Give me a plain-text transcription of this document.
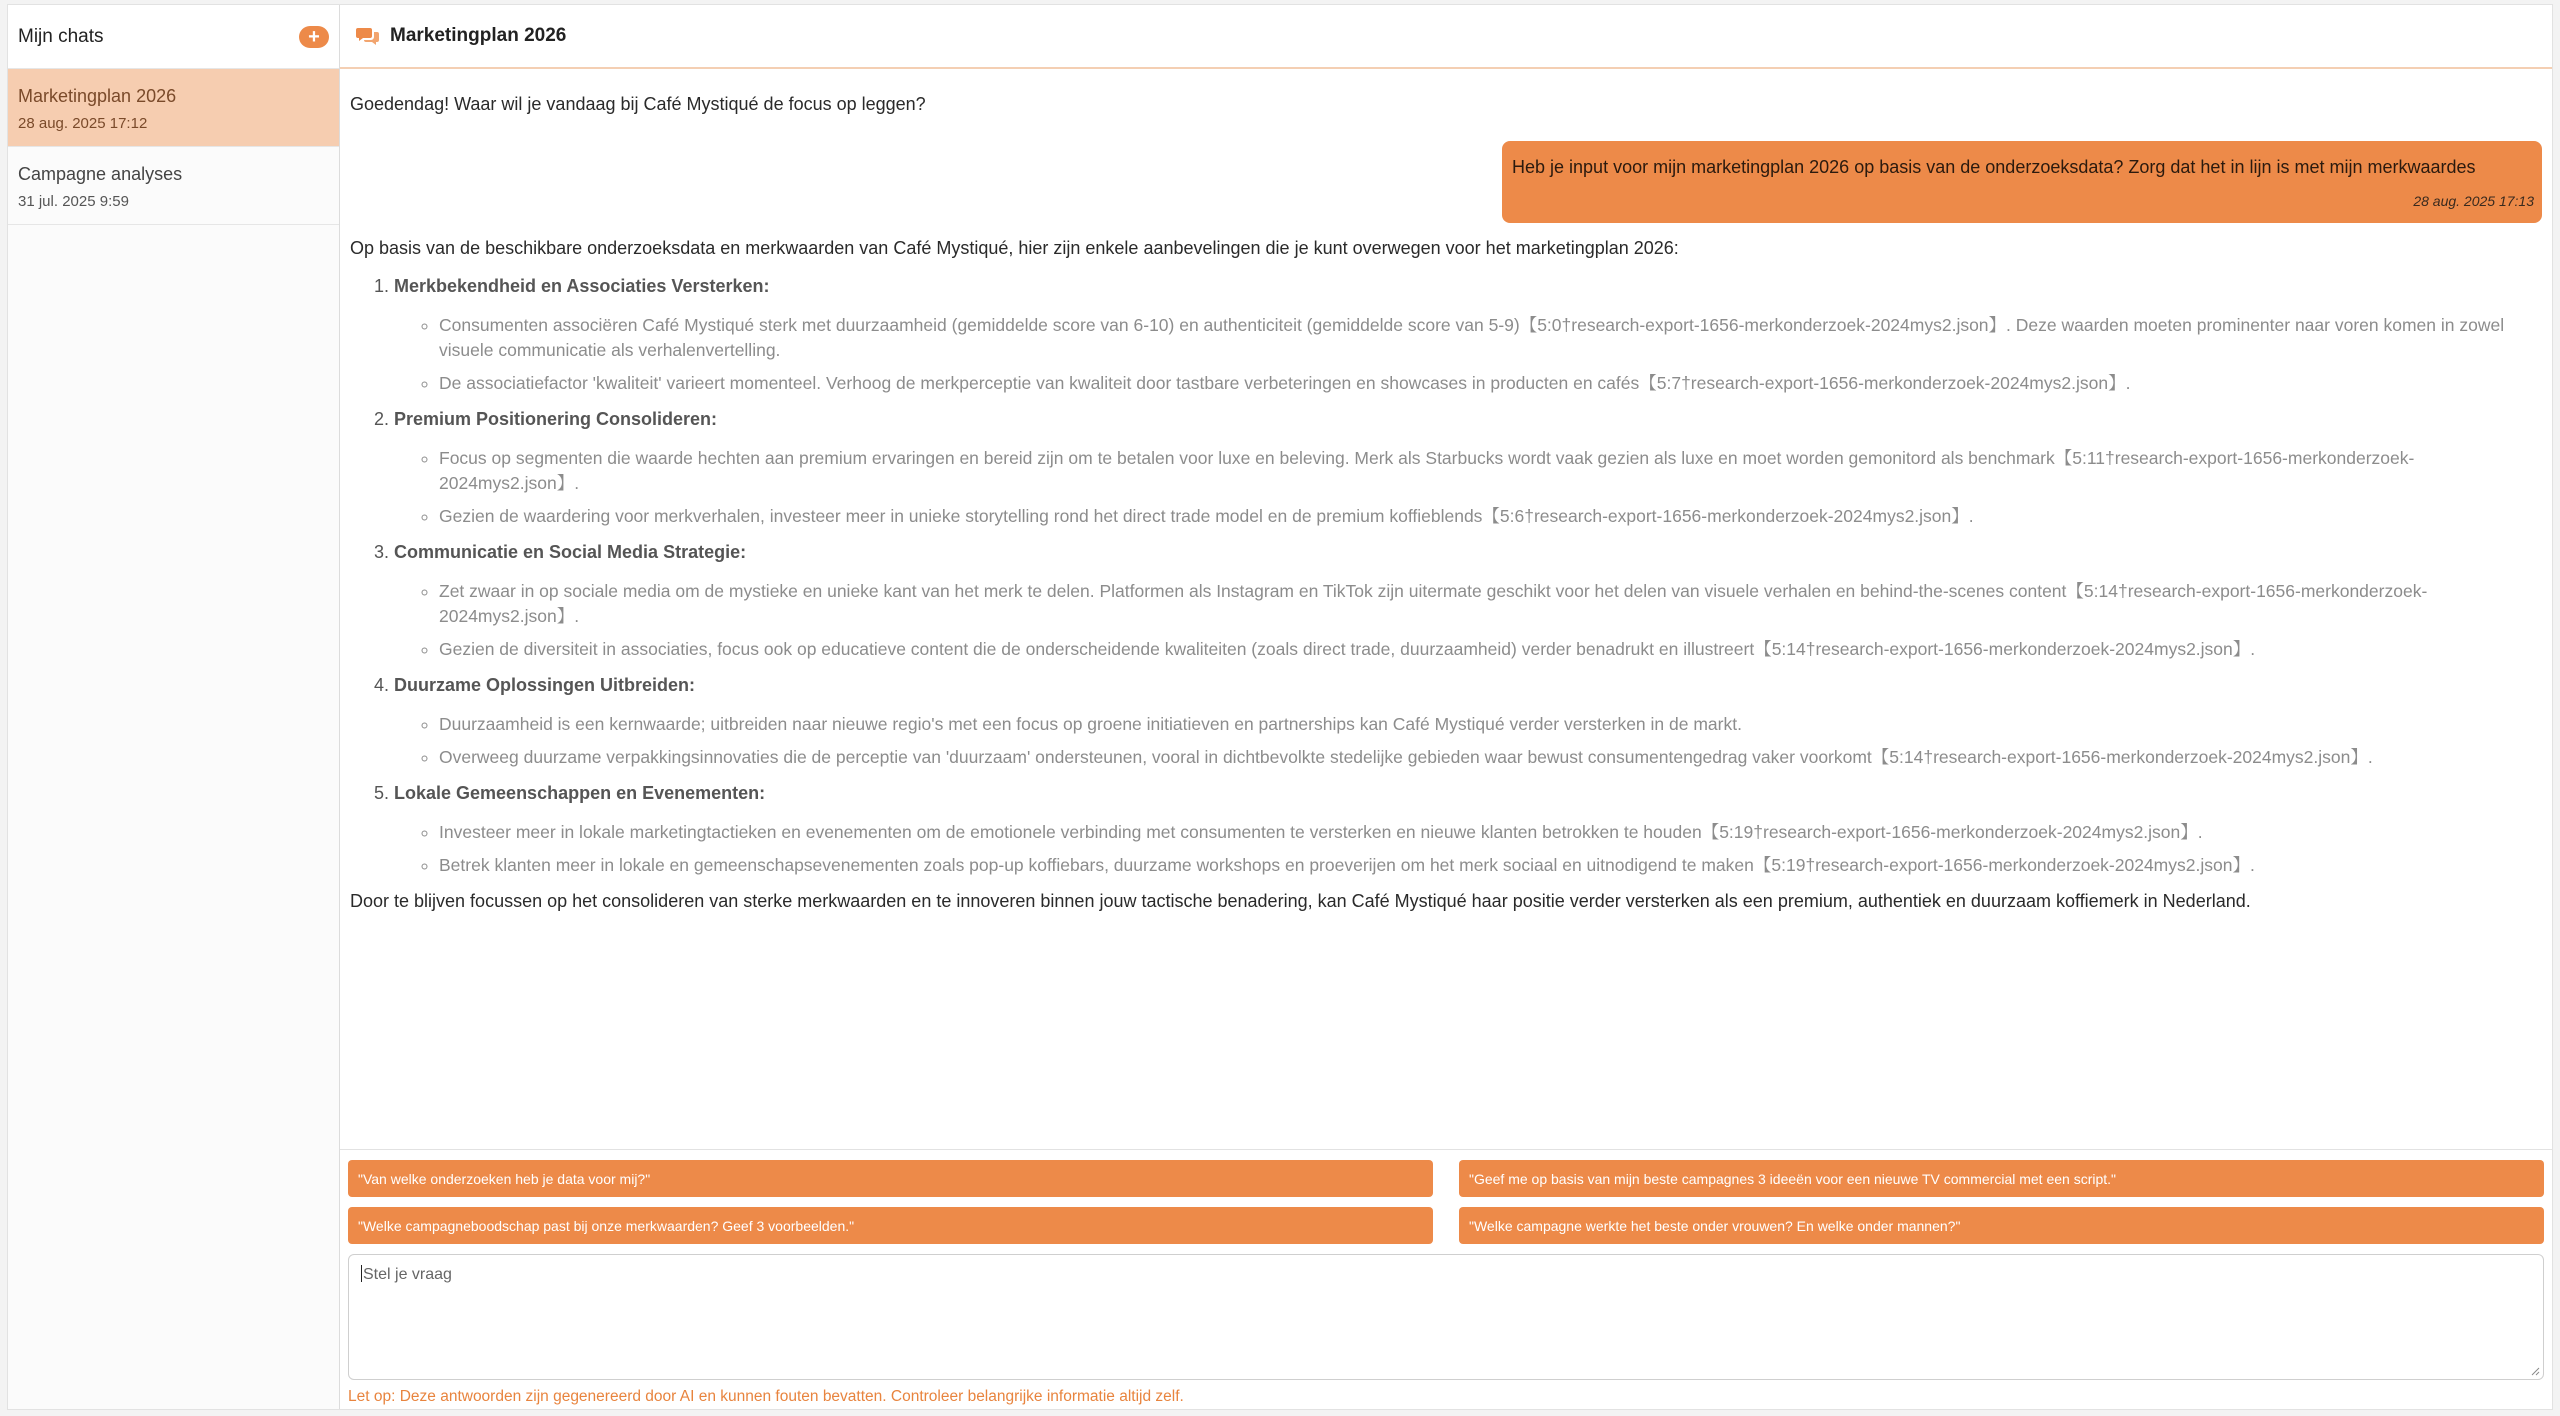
Mijn chats	+
Marketingplan 2026
28 aug. 2025 17:12
Campagne analyses
31 jul. 2025 9:59
Marketingplan 2026
Goedendag! Waar wil je vandaag bij Café Mystiqué de focus op leggen?
Heb je input voor mijn marketingplan 2026 op basis van de onderzoeksdata? Zorg dat het in lijn is met mijn merkwaardes
28 aug. 2025 17:13
Op basis van de beschikbare onderzoeksdata en merkwaarden van Café Mystiqué, hier zijn enkele aanbevelingen die je kunt overwegen voor het marketingplan 2026:
1. Merkbekendheid en Associaties Versterken:
◦ Consumenten associëren Café Mystiqué sterk met duurzaamheid (gemiddelde score van 6-10) en authenticiteit (gemiddelde score van 5-9)【5:0†research-export-1656-merkonderzoek-2024mys2.json】. Deze waarden moeten prominenter naar voren komen in zowel visuele communicatie als verhalenvertelling.
◦ De associatiefactor 'kwaliteit' varieert momenteel. Verhoog de merkperceptie van kwaliteit door tastbare verbeteringen en showcases in producten en cafés【5:7†research-export-1656-merkonderzoek-2024mys2.json】.
2. Premium Positionering Consolideren:
◦ Focus op segmenten die waarde hechten aan premium ervaringen en bereid zijn om te betalen voor luxe en beleving. Merk als Starbucks wordt vaak gezien als luxe en moet worden gemonitord als benchmark【5:11†research-export-1656-merkonderzoek-2024mys2.json】.
◦ Gezien de waardering voor merkverhalen, investeer meer in unieke storytelling rond het direct trade model en de premium koffieblends【5:6†research-export-1656-merkonderzoek-2024mys2.json】.
3. Communicatie en Social Media Strategie:
◦ Zet zwaar in op sociale media om de mystieke en unieke kant van het merk te delen. Platformen als Instagram en TikTok zijn uitermate geschikt voor het delen van visuele verhalen en behind-the-scenes content【5:14†research-export-1656-merkonderzoek-2024mys2.json】.
◦ Gezien de diversiteit in associaties, focus ook op educatieve content die de onderscheidende kwaliteiten (zoals direct trade, duurzaamheid) verder benadrukt en illustreert【5:14†research-export-1656-merkonderzoek-2024mys2.json】.
4. Duurzame Oplossingen Uitbreiden:
◦ Duurzaamheid is een kernwaarde; uitbreiden naar nieuwe regio's met een focus op groene initiatieven en partnerships kan Café Mystiqué verder versterken in de markt.
◦ Overweeg duurzame verpakkingsinnovaties die de perceptie van 'duurzaam' ondersteunen, vooral in dichtbevolkte stedelijke gebieden waar bewust consumentengedrag vaker voorkomt【5:14†research-export-1656-merkonderzoek-2024mys2.json】.
5. Lokale Gemeenschappen en Evenementen:
◦ Investeer meer in lokale marketingtactieken en evenementen om de emotionele verbinding met consumenten te versterken en nieuwe klanten betrokken te houden【5:19†research-export-1656-merkonderzoek-2024mys2.json】.
◦ Betrek klanten meer in lokale en gemeenschapsevenementen zoals pop-up koffiebars, duurzame workshops en proeverijen om het merk sociaal en uitnodigend te maken【5:19†research-export-1656-merkonderzoek-2024mys2.json】.
Door te blijven focussen op het consolideren van sterke merkwaarden en te innoveren binnen jouw tactische benadering, kan Café Mystiqué haar positie verder versterken als een premium, authentiek en duurzaam koffiemerk in Nederland.
"Van welke onderzoeken heb je data voor mij?"	"Geef me op basis van mijn beste campagnes 3 ideeën voor een nieuwe TV commercial met een script."
"Welke campagneboodschap past bij onze merkwaarden? Geef 3 voorbeelden."	"Welke campagne werkte het beste onder vrouwen? En welke onder mannen?"
Stel je vraag
Let op: Deze antwoorden zijn gegenereerd door AI en kunnen fouten bevatten. Controleer belangrijke informatie altijd zelf.
